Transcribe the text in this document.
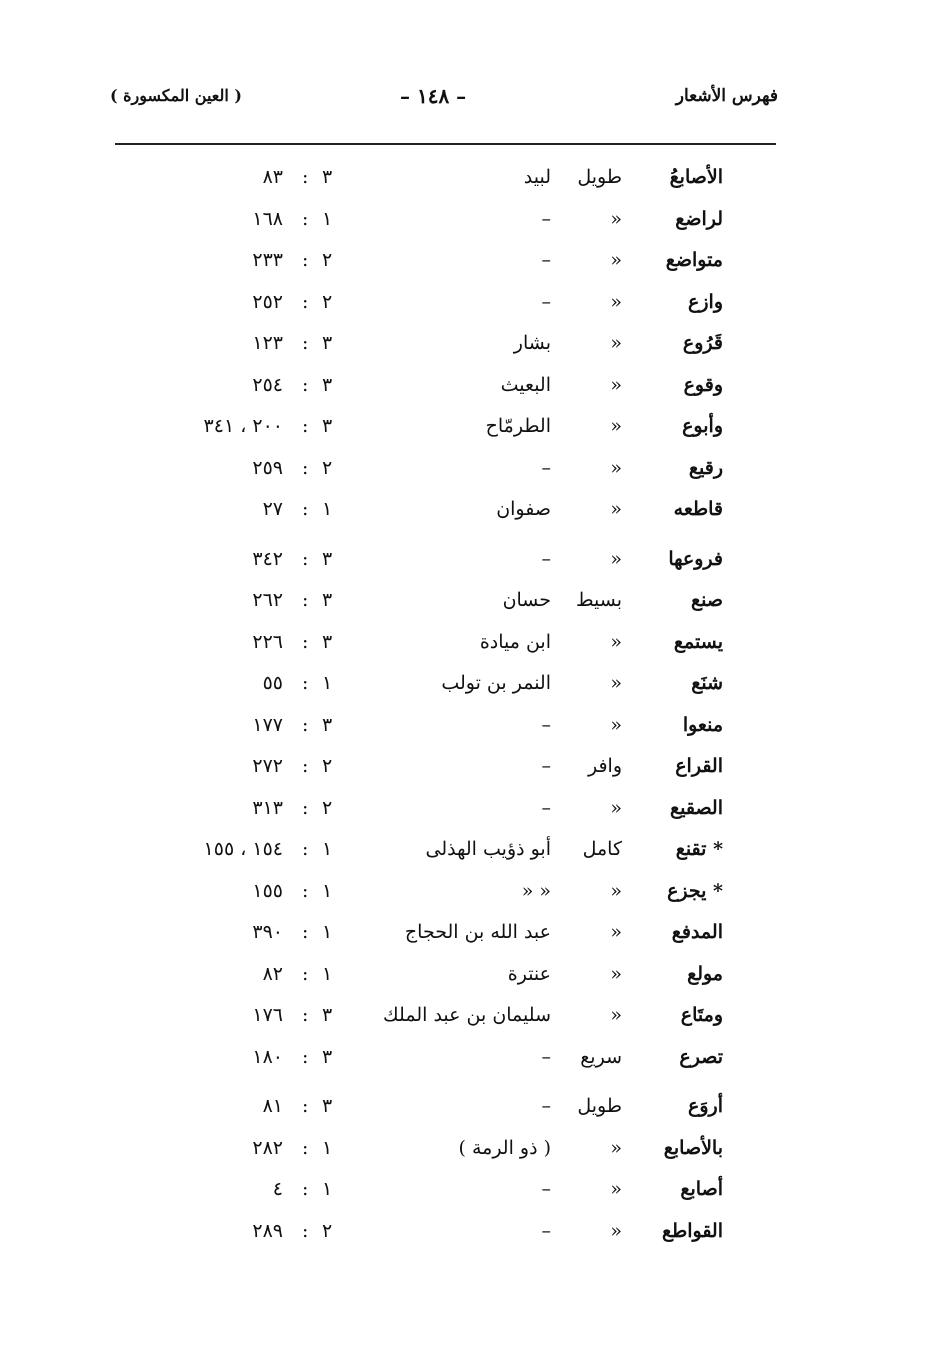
( العين المكسورة )	– ١٤٨ –	فهرس الأشعار
الأصابعُ
طويل
لبيد
٣
٨٣ :
لراضع
«
–
١
١٦٨ :
متواضع
«
–
٢
٢٣٣ :
وازع
«
–
٢
٢٥٢ :
قَرُوع
«
بشار
٣
١٢٣ :
وقوع
«
البعيث
٣
٢٥٤ :
وأبوع
«
الطرمّاح
٣
٢٠٠ ، ٣٤١ :
رقيع
«
–
٢
٢٥٩ :
قاطعه
«
صفوان
١
٢٧ :
فروعها
«
–
٣
٣٤٢ :
صنع
بسيط
حسان
٣
٢٦٢ :
يستمع
«
ابن ميادة
٣
٢٢٦ :
شنَع
«
النمر بن تولب
١
٥٥ :
منعوا
«
–
٣
١٧٧ :
القراع
وافر
–
٢
٢٧٢ :
الصقيع
«
–
٢
٣١٣ :
* تقنع
كامل
أبو ذؤيب الهذلى
١
١٥٤ ، ١٥٥ :
* يجزع
«
« «
١
١٥٥ :
المدفع
«
عبد الله بن الحجاج
١
٣٩٠ :
مولع
«
عنترة
١
٨٢ :
ومتَاع
«
سليمان بن عبد الملك
٣
١٧٦ :
تصرع
سريع
–
٣
١٨٠ :
أروَع
طويل
–
٣
٨١ :
بالأصابع
«
( ذو الرمة )
١
٢٨٢ :
أصابع
«
–
١
٤ :
القواطع
«
–
٢
٢٨٩ :
